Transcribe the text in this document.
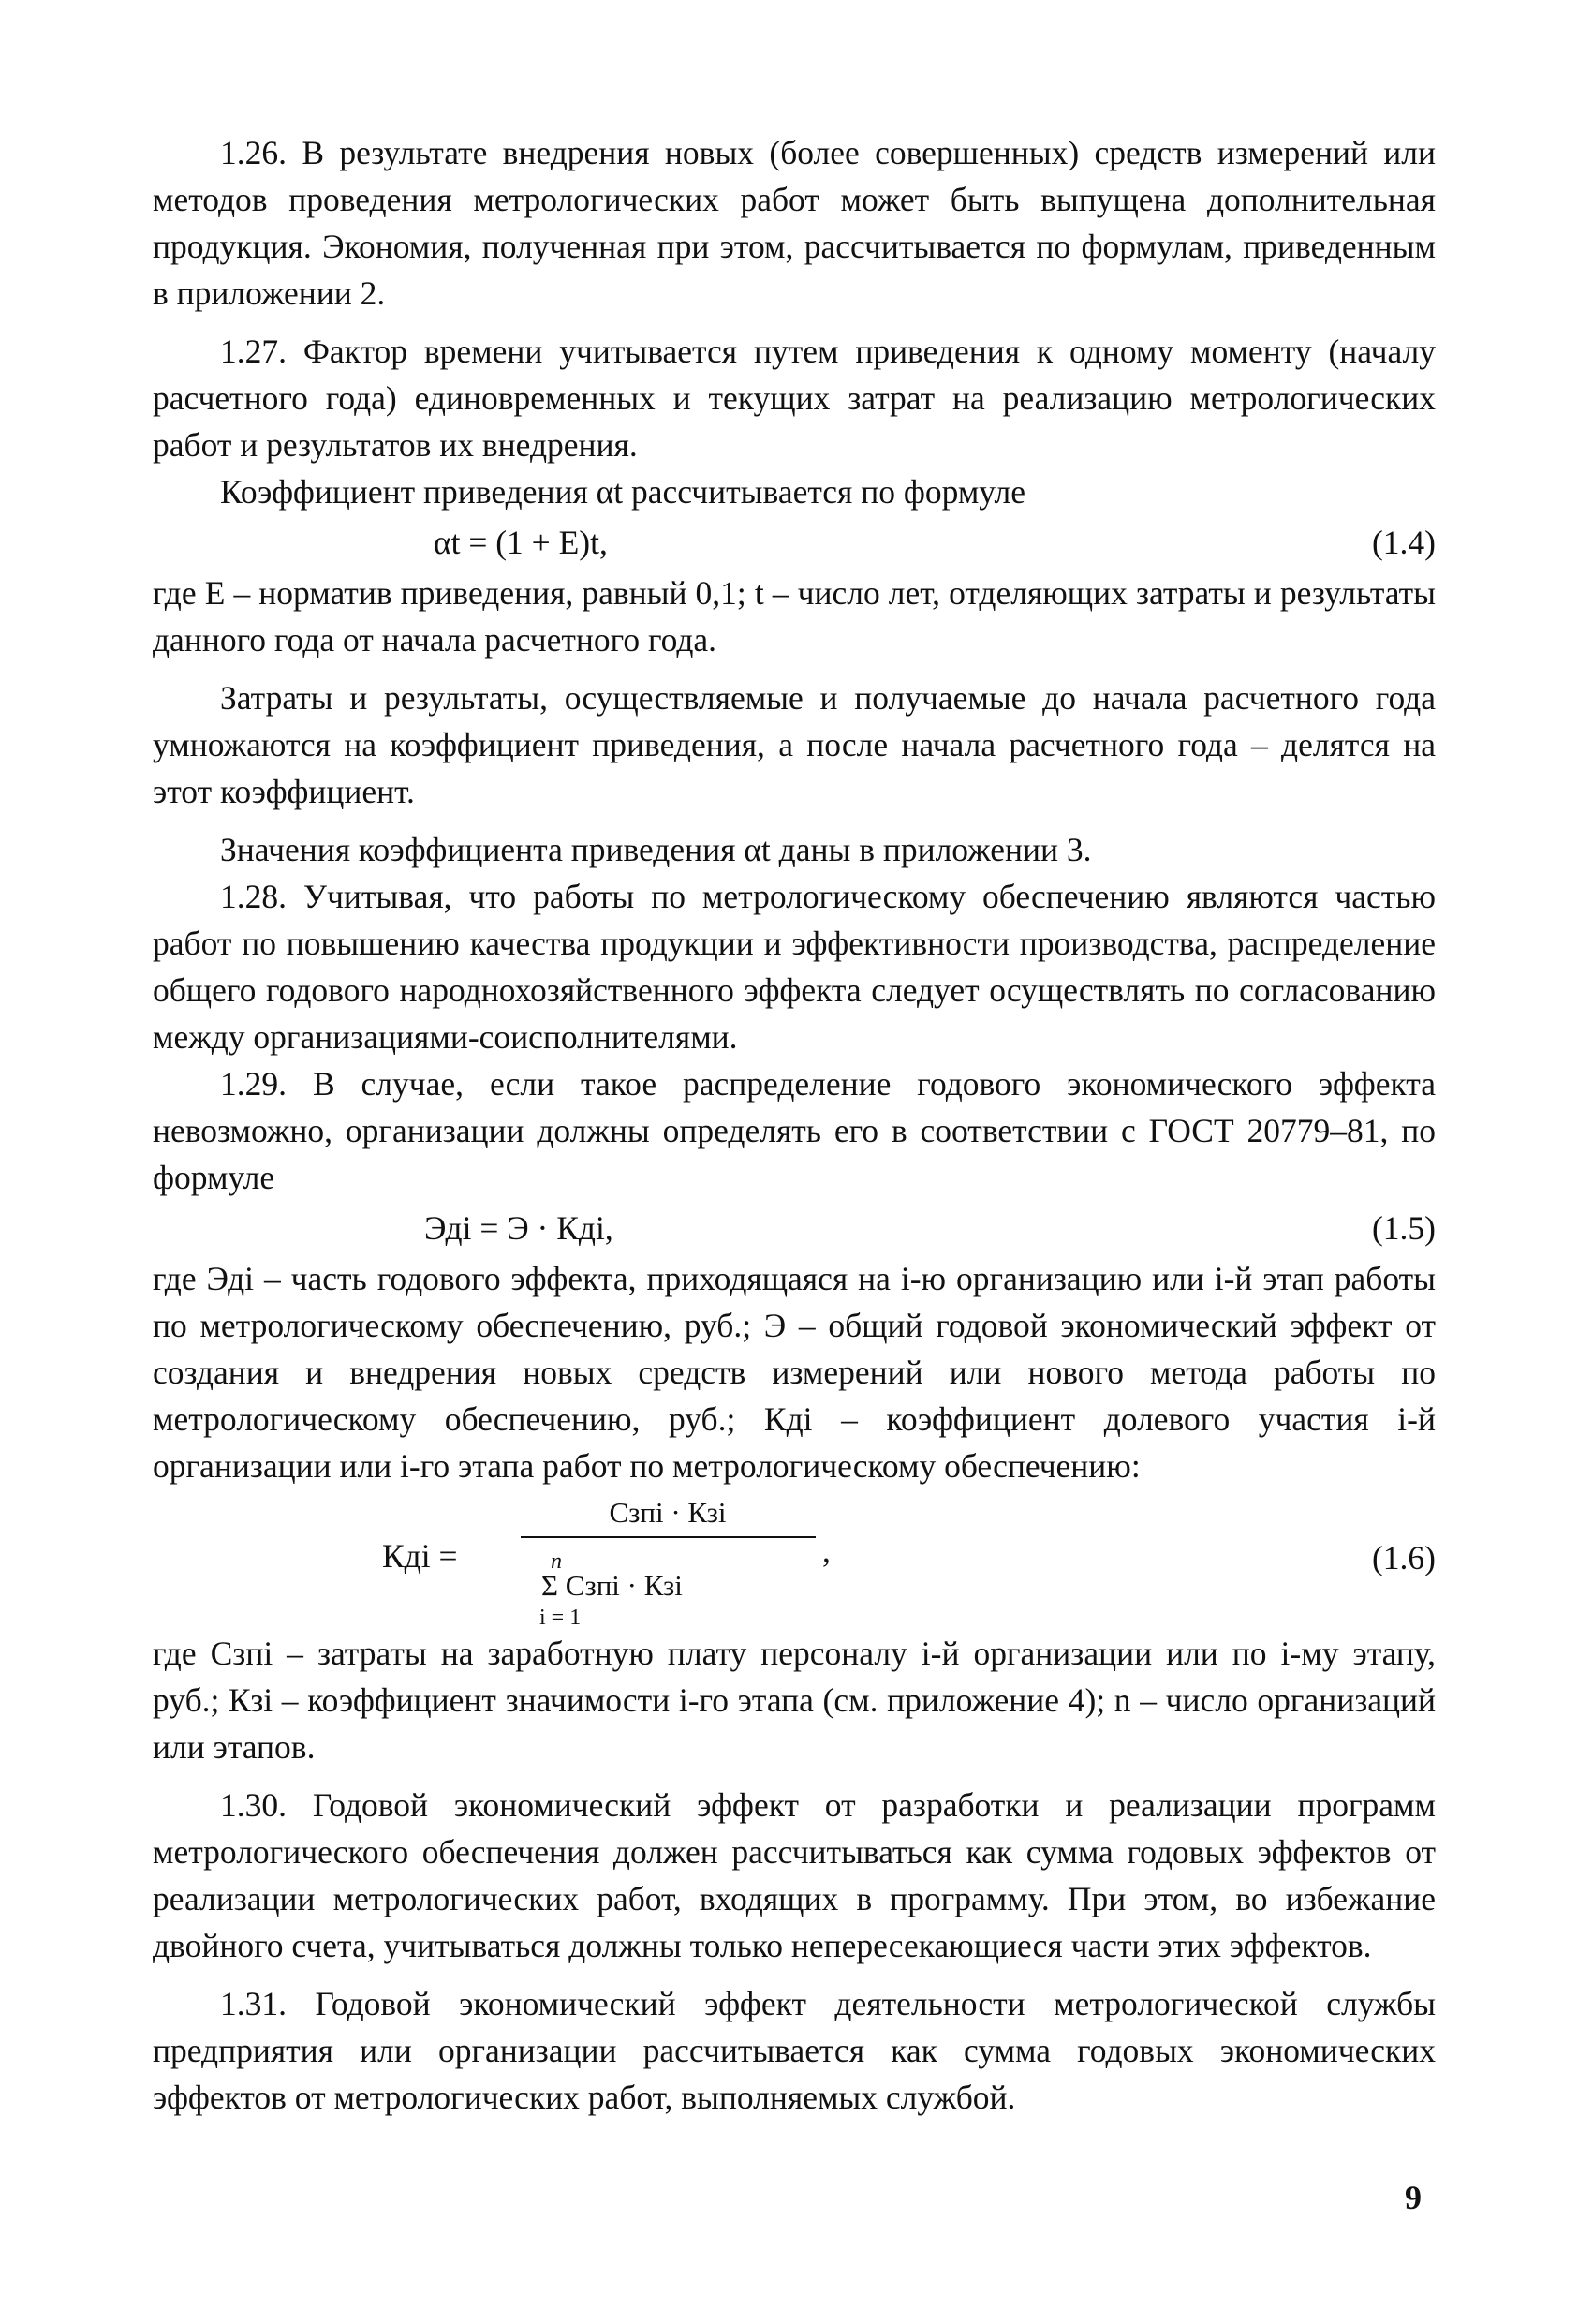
1.26. В результате внедрения новых (более совершенных) средств измерений или методов проведения метрологических работ может быть выпущена дополнительная продукция. Экономия, полученная при этом, рассчитывается по формулам, приведенным в приложении 2.

1.27. Фактор времени учитывается путем приведения к одному моменту (началу расчетного года) единовременных и текущих затрат на реализацию метрологических работ и результатов их внедрения.

Коэффициент приведения αt рассчитывается по формуле

αt = (1 + E)t,	(1.4)

где E – норматив приведения, равный 0,1; t – число лет, отделяющих затраты и результаты данного года от начала расчетного года.

Затраты и результаты, осуществляемые и получаемые до начала расчетного года умножаются на коэффициент приведения, а после начала расчетного года – делятся на этот коэффициент.

Значения коэффициента приведения αt даны в приложении 3.

1.28. Учитывая, что работы по метрологическому обеспечению являются частью работ по повышению качества продукции и эффективности производства, распределение общего годового народнохозяйственного эффекта следует осуществлять по согласованию между организациями-соисполнителями.

1.29. В случае, если такое распределение годового экономического эффекта невозможно, организации должны определять его в соответствии с ГОСТ 20779–81, по формуле

Эдi = Э · Кдi,	(1.5)

где Эдi – часть годового эффекта, приходящаяся на i-ю организацию или i-й этап работы по метрологическому обеспечению, руб.; Э – общий годовой экономический эффект от создания и внедрения новых средств измерений или нового метода работы по метрологическому обеспечению, руб.; Кдi – коэффициент долевого участия i-й организации или i-го этапа работ по метрологическому обеспечению:

Кдi =
Cзпi · Кзi
,
n
Σ Cзпi · Кзi
i = 1
(1.6)

где Cзпi – затраты на заработную плату персоналу i-й организации или по i-му этапу, руб.; Кзi – коэффициент значимости i-го этапа (см. приложение 4); n – число организаций или этапов.

1.30. Годовой экономический эффект от разработки и реализации программ метрологического обеспечения должен рассчитываться как сумма годовых эффектов от реализации метрологических работ, входящих в программу. При этом, во избежание двойного счета, учитываться должны только непересекающиеся части этих эффектов.

1.31. Годовой экономический эффект деятельности метрологической службы предприятия или организации рассчитывается как сумма годовых экономических эффектов от метрологических работ, выполняемых службой.

9
